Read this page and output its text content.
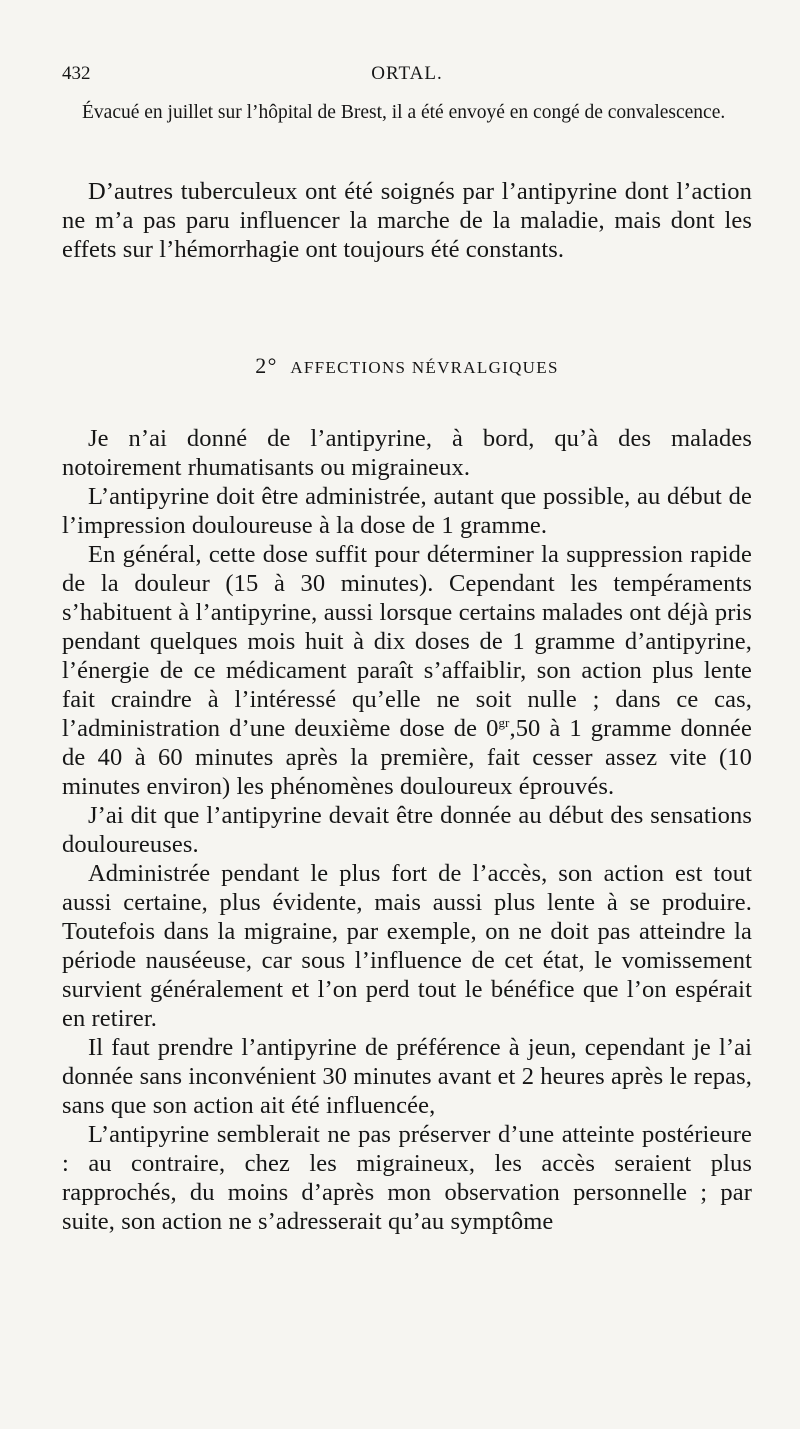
432	ORTAL.
Évacué en juillet sur l’hôpital de Brest, il a été envoyé en congé de convalescence.
D’autres tuberculeux ont été soignés par l’antipyrine dont l’action ne m’a pas paru influencer la marche de la maladie, mais dont les effets sur l’hémorrhagie ont toujours été constants.
2° AFFECTIONS NÉVRALGIQUES

Je n’ai donné de l’antipyrine, à bord, qu’à des malades notoirement rhumatisants ou migraineux.

L’antipyrine doit être administrée, autant que possible, au début de l’impression douloureuse à la dose de 1 gramme.

En général, cette dose suffit pour déterminer la suppression rapide de la douleur (15 à 30 minutes). Cependant les tempéraments s’habituent à l’antipyrine, aussi lorsque certains malades ont déjà pris pendant quelques mois huit à dix doses de 1 gramme d’antipyrine, l’énergie de ce médicament paraît s’affaiblir, son action plus lente fait craindre à l’intéressé qu’elle ne soit nulle ; dans ce cas, l’administration d’une deuxième dose de $0^{gr},50$ à 1 gramme donnée de 40 à 60 minutes après la première, fait cesser assez vite (10 minutes environ) les phénomènes douloureux éprouvés.

J’ai dit que l’antipyrine devait être donnée au début des sensations douloureuses.

Administrée pendant le plus fort de l’accès, son action est tout aussi certaine, plus évidente, mais aussi plus lente à se produire. Toutefois dans la migraine, par exemple, on ne doit pas atteindre la période nauséeuse, car sous l’influence de cet état, le vomissement survient généralement et l’on perd tout le bénéfice que l’on espérait en retirer.

Il faut prendre l’antipyrine de préférence à jeun, cependant je l’ai donnée sans inconvénient 30 minutes avant et 2 heures après le repas, sans que son action ait été influencée,

L’antipyrine semblerait ne pas préserver d’une atteinte postérieure : au contraire, chez les migraineux, les accès seraient plus rapprochés, du moins d’après mon observation personnelle ; par suite, son action ne s’adresserait qu’au symptôme
